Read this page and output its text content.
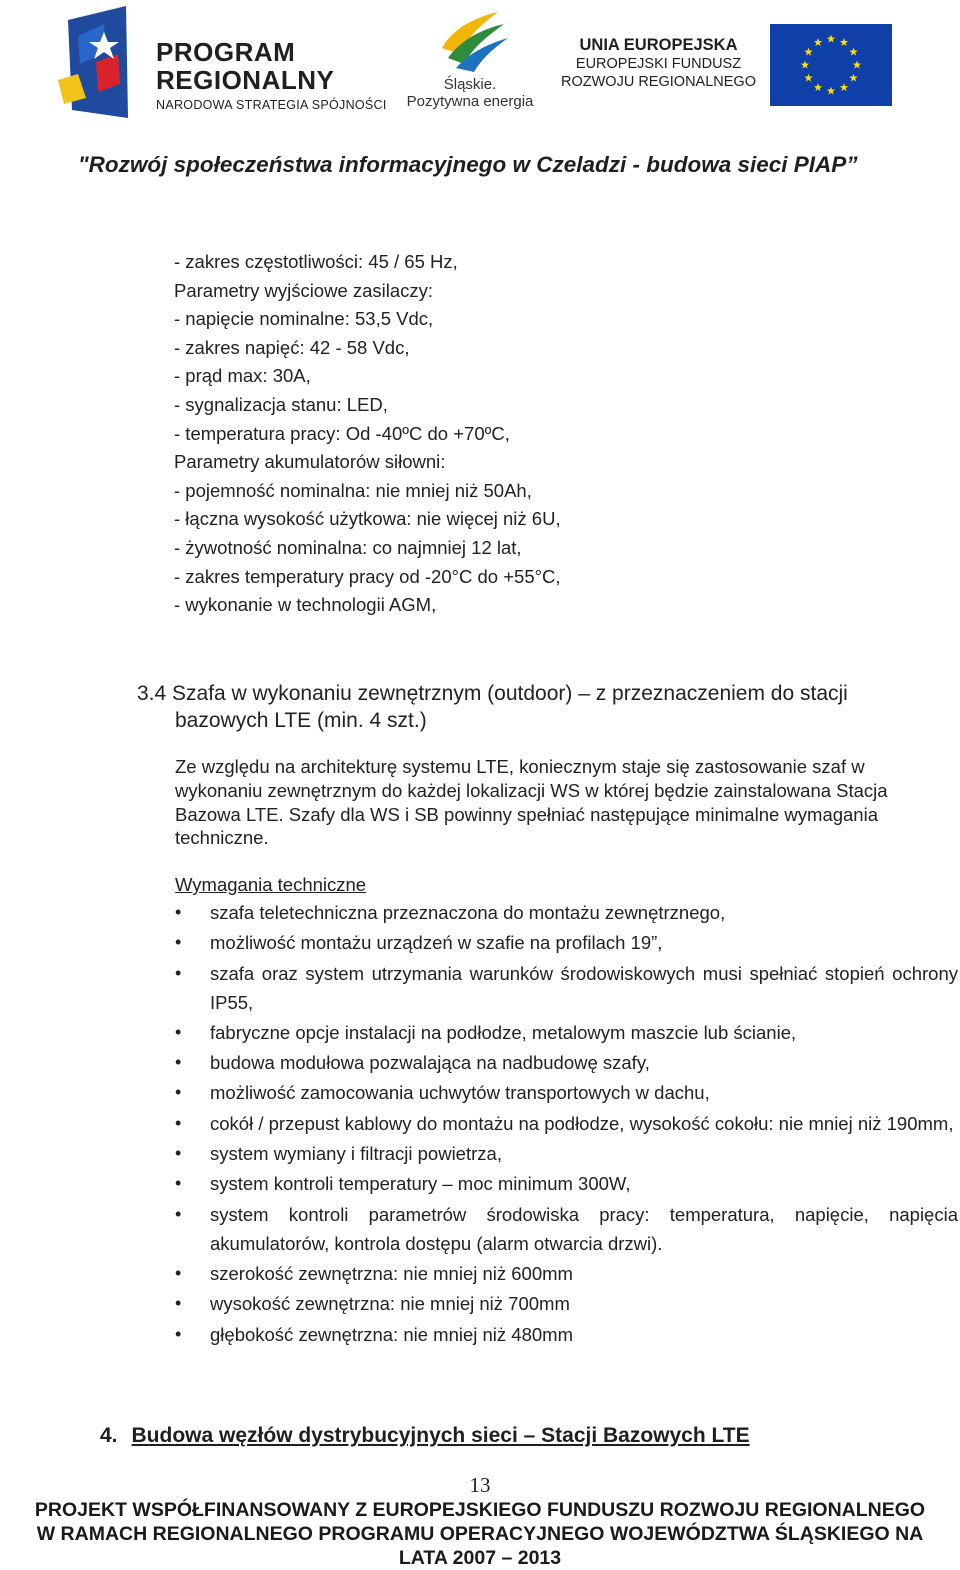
PROGRAM
REGIONALNY
NARODOWA STRATEGIA SPÓJNOŚCI
Śląskie.
Pozytywna energia
UNIA EUROPEJSKA
EUROPEJSKI FUNDUSZ
ROZWOJU REGIONALNEGO
"Rozwój społeczeństwa informacyjnego w Czeladzi - budowa sieci PIAP”
- zakres częstotliwości: 45 / 65 Hz,
Parametry wyjściowe zasilaczy:
- napięcie nominalne: 53,5 Vdc,
- zakres napięć: 42 - 58 Vdc,
- prąd max: 30A,
- sygnalizacja stanu: LED,
- temperatura pracy: Od -40ºC do +70ºC,
Parametry akumulatorów siłowni:
- pojemność nominalna: nie mniej niż 50Ah,
- łączna wysokość użytkowa: nie więcej niż 6U,
- żywotność nominalna: co najmniej 12 lat,
- zakres temperatury pracy od -20°C do +55°C,
- wykonanie w technologii AGM,
3.4 Szafa w wykonaniu zewnętrznym (outdoor) – z przeznaczeniem do stacji
bazowych LTE (min. 4 szt.)
Ze względu na architekturę systemu LTE, koniecznym staje się zastosowanie szaf w wykonaniu zewnętrznym do każdej lokalizacji WS w której będzie zainstalowana Stacja Bazowa LTE. Szafy dla WS i SB powinny spełniać następujące minimalne wymagania techniczne.
Wymagania techniczne
• szafa teletechniczna przeznaczona do montażu zewnętrznego,
• możliwość montażu urządzeń w szafie na profilach 19”,
• szafa oraz system utrzymania warunków środowiskowych musi spełniać stopień ochrony IP55,
• fabryczne opcje instalacji na podłodze, metalowym maszcie lub ścianie,
• budowa modułowa pozwalająca na nadbudowę szafy,
• możliwość zamocowania uchwytów transportowych w dachu,
• cokół / przepust kablowy do montażu na podłodze, wysokość cokołu: nie mniej niż 190mm,
• system wymiany i filtracji powietrza,
• system kontroli temperatury – moc minimum 300W,
• system kontroli parametrów środowiska pracy: temperatura, napięcie, napięcia akumulatorów, kontrola dostępu (alarm otwarcia drzwi).
• szerokość zewnętrzna: nie mniej niż 600mm
• wysokość zewnętrzna: nie mniej niż 700mm
• głębokość zewnętrzna: nie mniej niż 480mm
4. Budowa węzłów dystrybucyjnych sieci – Stacji Bazowych LTE
13
PROJEKT WSPÓŁFINANSOWANY Z EUROPEJSKIEGO FUNDUSZU ROZWOJU REGIONALNEGO
W RAMACH REGIONALNEGO PROGRAMU OPERACYJNEGO WOJEWÓDZTWA ŚLĄSKIEGO NA
LATA 2007 – 2013
